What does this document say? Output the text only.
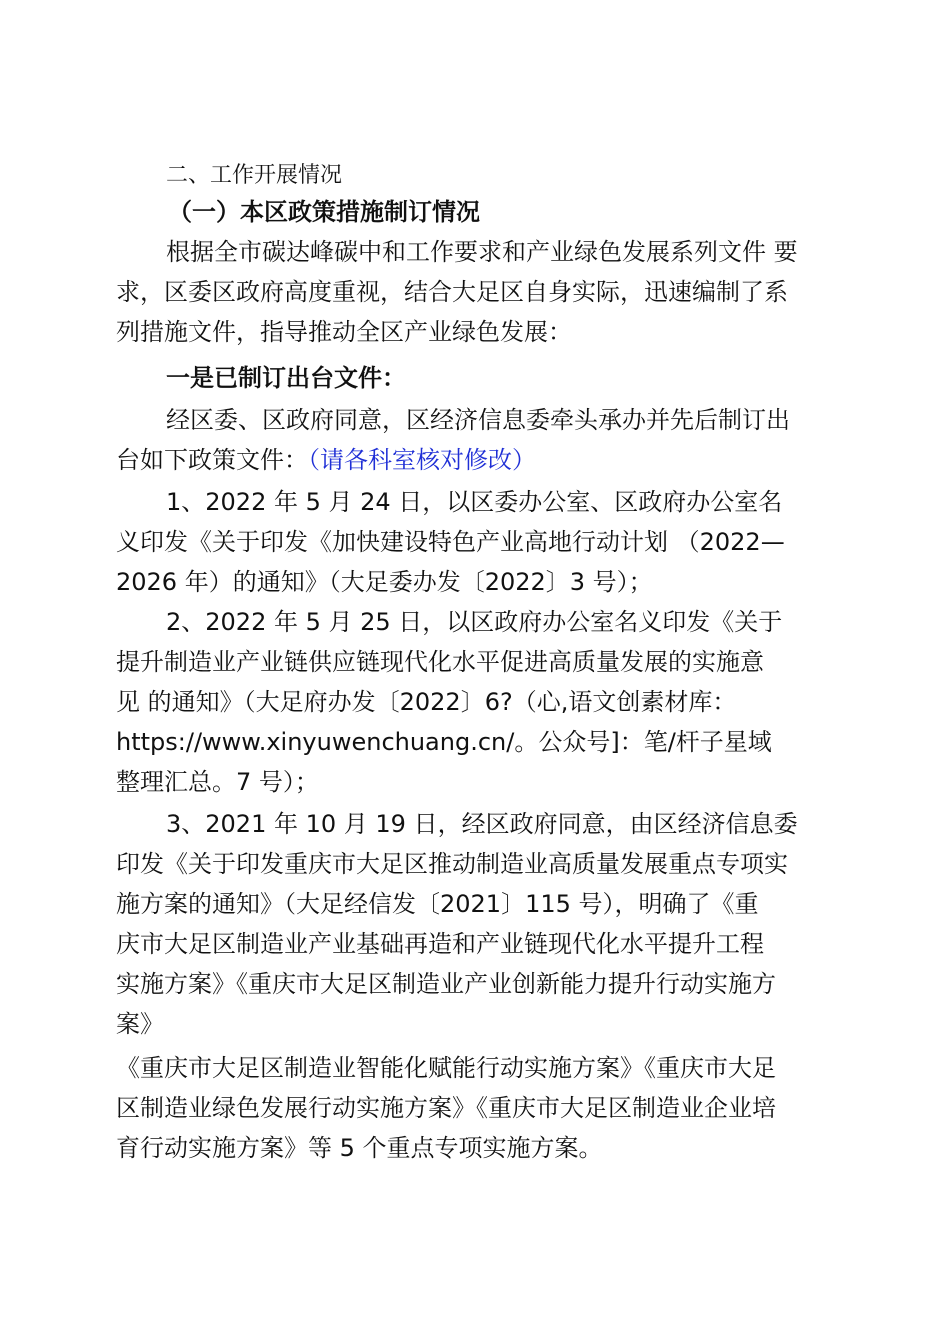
二、工作开展情况
（一）本区政策措施制订情况
根据全市碳达峰碳中和工作要求和产业绿色发展系列文件 要
求，区委区政府高度重视，结合大足区自身实际，迅速编制了系
列措施文件，指导推动全区产业绿色发展：
一是已制订出台文件：
经区委、区政府同意，区经济信息委牵头承办并先后制订出
台如下政策文件：（请各科室核对修改）
1、2022 年 5 月 24 日，以区委办公室、区政府办公室名
义印发《关于印发《加快建设特色产业高地行动计划 （2022—
2026 年）的通知》（大足委办发〔2022〕3 号）；
2、2022 年 5 月 25 日，以区政府办公室名义印发《关于
提升制造业产业链供应链现代化水平促进高质量发展的实施意
见 的通知》（大足府办发〔2022〕6?（心,语文创素材库：
https://www.xinyuwenchuang.cn/。公众号]：笔/杆子星域
整理汇总。7 号）；
3、2021 年 10 月 19 日，经区政府同意，由区经济信息委
印发《关于印发重庆市大足区推动制造业高质量发展重点专项实
施方案的通知》（大足经信发〔2021〕115 号），明确了《重
庆市大足区制造业产业基础再造和产业链现代化水平提升工程
实施方案》《重庆市大足区制造业产业创新能力提升行动实施方
案》
《重庆市大足区制造业智能化赋能行动实施方案》《重庆市大足
区制造业绿色发展行动实施方案》《重庆市大足区制造业企业培
育行动实施方案》等 5 个重点专项实施方案。
